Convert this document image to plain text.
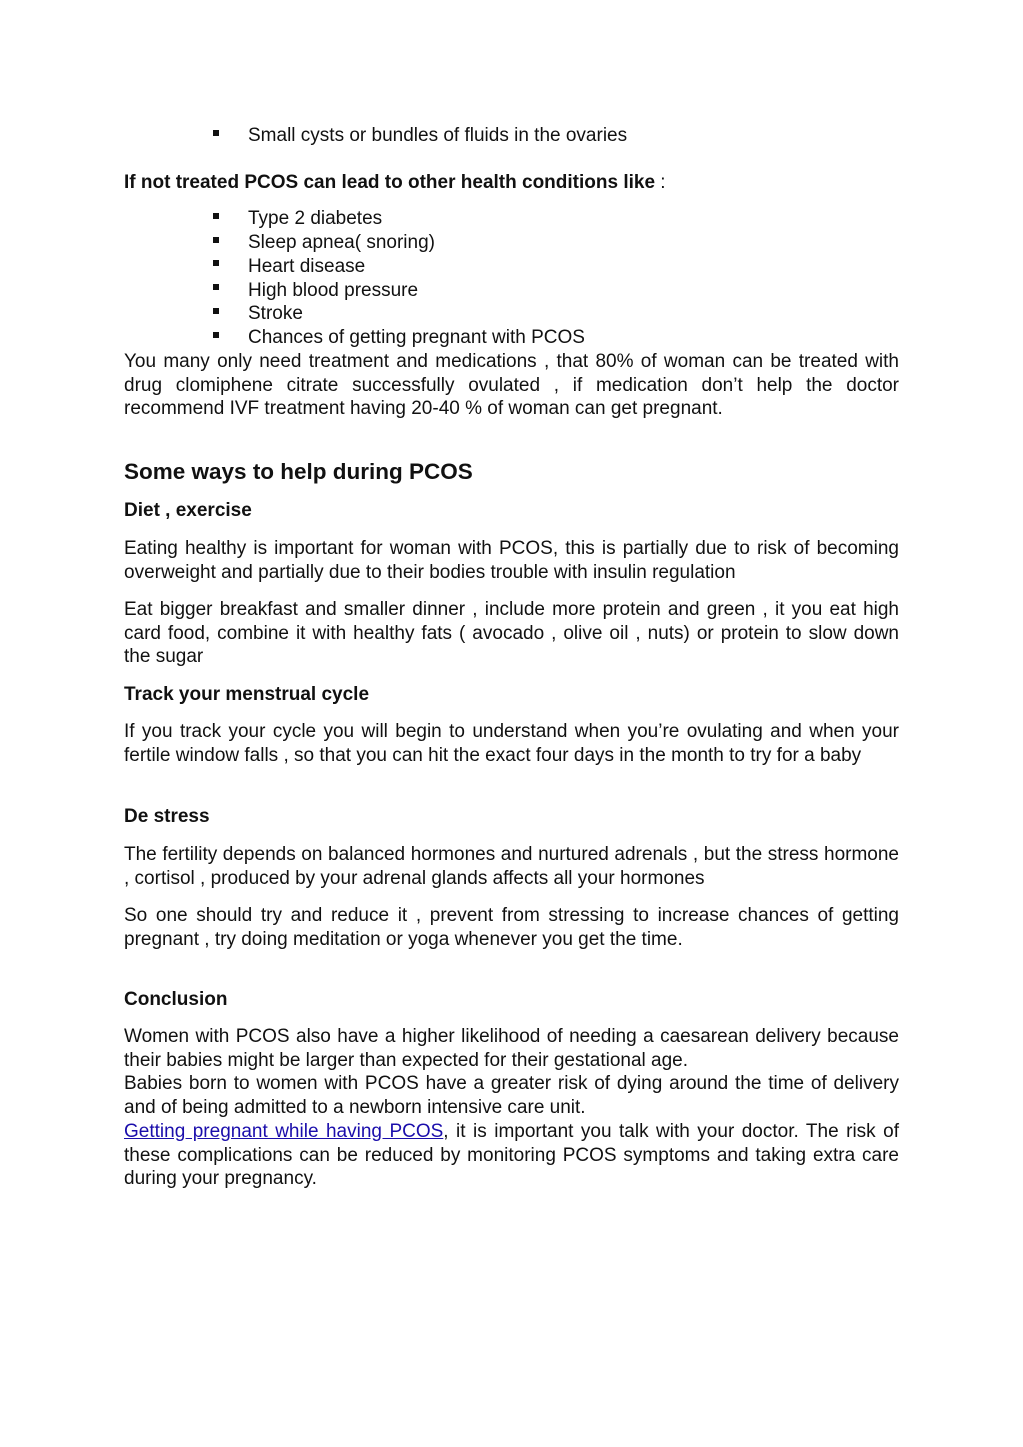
Small cysts or bundles of fluids in the ovaries
If not treated PCOS can lead to other health conditions like :
Type 2 diabetes
Sleep apnea( snoring)
Heart disease
High blood pressure
Stroke
Chances of getting pregnant with PCOS
You many only need treatment and medications , that 80% of woman can be treated with drug clomiphene citrate successfully ovulated , if medication don’t help the doctor recommend IVF treatment having 20-40 % of woman can get pregnant.
Some ways to help during PCOS
Diet , exercise
Eating healthy is important for woman with PCOS, this is partially due to risk of becoming overweight and partially due to their bodies trouble with insulin regulation
Eat bigger breakfast and smaller dinner , include more protein and green , it you eat high card food, combine it with healthy fats ( avocado , olive oil , nuts) or protein to slow down the sugar
Track your menstrual cycle
If you track your cycle you will begin to understand when you’re ovulating and when your fertile window falls , so that you can hit the exact four days in the month to try for a baby
De stress
The fertility depends on balanced hormones and nurtured adrenals , but the stress hormone , cortisol , produced by your adrenal glands affects all your hormones
So one should try and reduce it , prevent from stressing to increase chances of getting pregnant , try doing meditation or yoga whenever you get the time.
Conclusion
Women with PCOS also have a higher likelihood of needing a caesarean delivery because their babies might be larger than expected for their gestational age.
Babies born to women with PCOS have a greater risk of dying around the time of delivery and of being admitted to a newborn intensive care unit.
Getting pregnant while having PCOS, it is important you talk with your doctor. The risk of these complications can be reduced by monitoring PCOS symptoms and taking extra care during your pregnancy.
